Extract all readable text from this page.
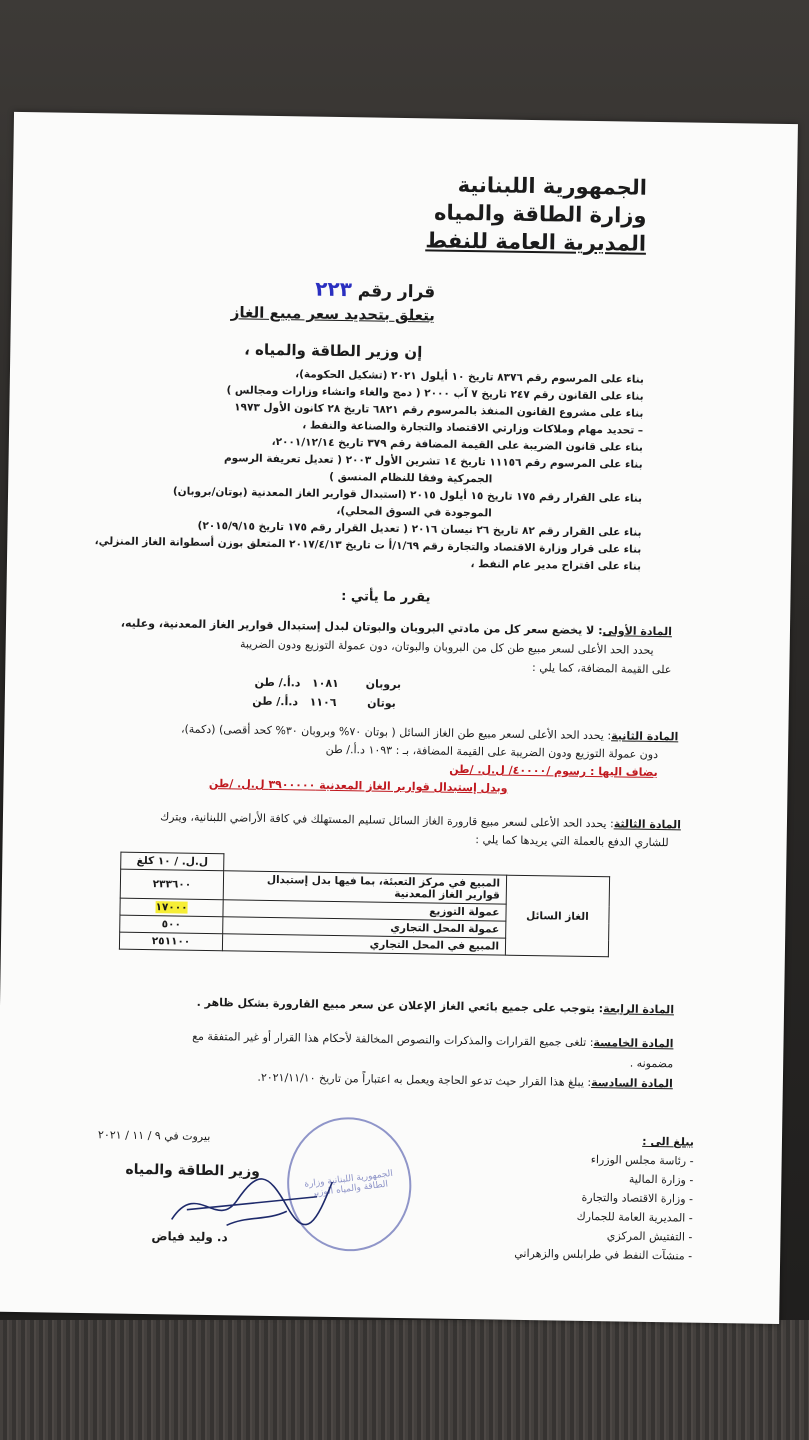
الجمهورية اللبنانية
وزارة الطاقة والمياه
المديرية العامة للنفط
قرار رقم ٢٢٣
يتعلق بتحديد سعر مبيع الغاز
إن وزير الطاقة والمياه ،
بناء على المرسوم رقم ٨٣٧٦ تاريخ ١٠ أيلول ٢٠٢١ (تشكيل الحكومة)،
بناء على القانون رقم ٢٤٧ تاريخ ٧ آب ٢٠٠٠ ( دمج والغاء وانشاء وزارات ومجالس )
بناء على مشروع القانون المنفذ بالمرسوم رقم ٦٨٢١ تاريخ ٢٨ كانون الأول ١٩٧٣
– تحديد مهام وملاكات وزارتي الاقتصاد والتجارة والصناعة والنفط ،
بناء على قانون الضريبة على القيمة المضافة رقم ٣٧٩ تاريخ ٢٠٠١/١٢/١٤،
بناء على المرسوم رقم ١١١٥٦ تاريخ ١٤ تشرين الأول ٢٠٠٣ ( تعديل تعريفة الرسوم
الجمركية وفقا للنظام المنسق )
بناء على القرار رقم ١٧٥ تاريخ ١٥ أيلول ٢٠١٥ (استبدال قوارير الغاز المعدنية (بوتان/بروبان)
الموجودة في السوق المحلي)،
بناء على القرار رقم ٨٢ تاريخ ٢٦ نيسان ٢٠١٦ ( تعديل القرار رقم ١٧٥ تاريخ ٢٠١٥/٩/١٥)
بناء على قرار وزارة الاقتصاد والتجارة رقم ١/٦٩/أ ت تاريخ ٢٠١٧/٤/١٣ المتعلق بوزن أسطوانة الغاز المنزلي،
بناء على اقتراح مدير عام النفط ،
يقرر ما يأتي :
المادة الأولى: لا يخضع سعر كل من مادتي البروبان والبوتان لبدل إستبدال قوارير الغاز المعدنية، وعليه،
يحدد الحد الأعلى لسعر مبيع طن كل من البروبان والبوتان، دون عمولة التوزيع ودون الضريبة
على القيمة المضافة، كما يلي :
بروبان       ١٠٨١   د.أ./ طن
بوتان        ١١٠٦   د.أ./ طن
المادة الثانية: يحدد الحد الأعلى لسعر مبيع طن الغاز السائل ( بوتان ٧٠% وبروبان ٣٠% كحد أقصى) (دكمة)،
دون عمولة التوزيع ودون الضريبة على القيمة المضافة، بـ : ١٠٩٣ د.أ./ طن
يضاف اليها : رسوم /٤٠٠٠٠/ ل.ل. /طن
وبدل إستبدال قوارير الغاز المعدنية ٣٩٠٠٠٠٠ ل.ل. /طن
المادة الثالثة: يحدد الحد الأعلى لسعر مبيع قارورة الغاز السائل تسليم المستهلك في كافة الأراضي اللبنانية، ويترك
للشاري الدفع بالعملة التي يريدها كما يلي :
		ل.ل. / ١٠ كلغ
الغاز السائل	المبيع في مركز التعبئة، بما فيها بدل إستبدال قوارير الغاز المعدنية	٢٣٣٦٠٠
	عمولة التوزيع	١٧٠٠٠
	عمولة المحل التجاري	٥٠٠
	المبيع في المحل التجاري	٢٥١١٠٠
المادة الرابعة: يتوجب على جميع بائعي الغاز الإعلان عن سعر مبيع القارورة بشكل ظاهر .
المادة الخامسة: تلغى جميع القرارات والمذكرات والنصوص المخالفة لأحكام هذا القرار أو غير المتفقة مع
مضمونه .
المادة السادسة: يبلغ هذا القرار حيث تدعو الحاجة ويعمل به اعتباراً من تاريخ ٢٠٢١/١١/١٠.
يبلغ الى :
- رئاسة مجلس الوزراء
- وزارة المالية
- وزارة الاقتصاد والتجارة
- المديرية العامة للجمارك
- التفتيش المركزي
- منشآت النفط في طرابلس والزهراني
بيروت في ٩ / ١١ / ٢٠٢١
الجمهورية اللبنانية وزارة الطاقة والمياه الوزير
وزير الطاقة والمياه
د. وليد فياض
